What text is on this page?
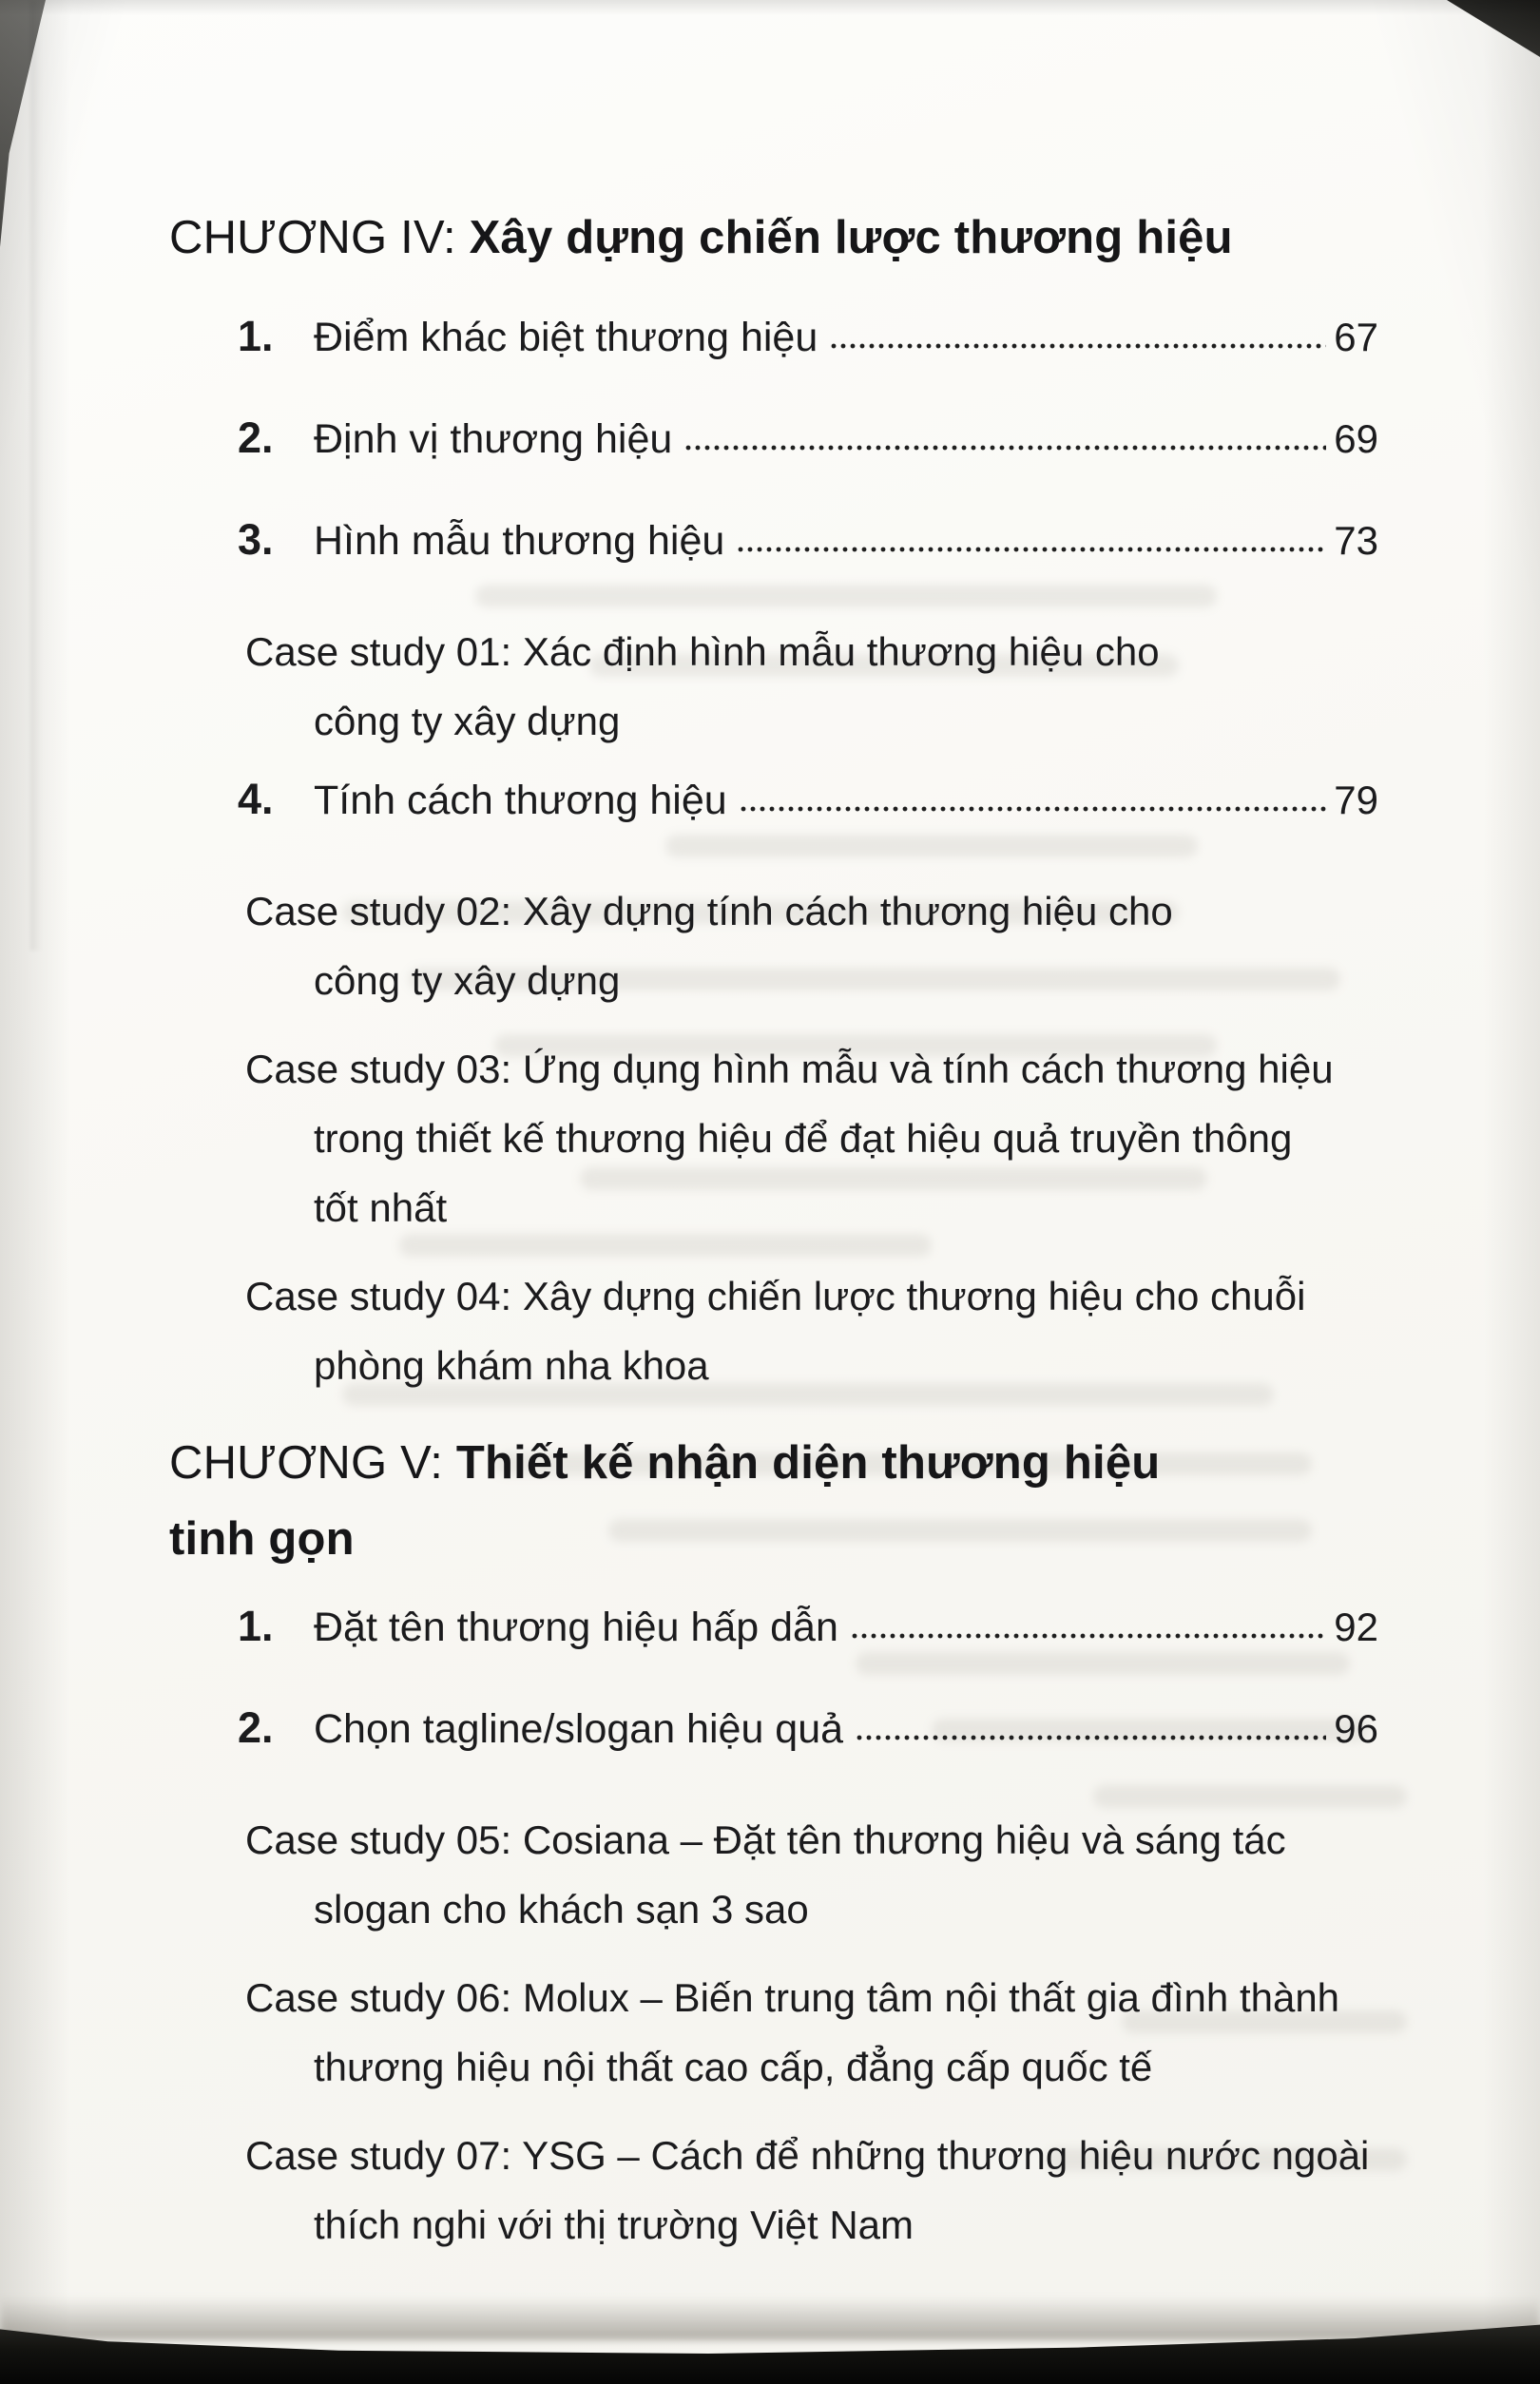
CHƯƠNG IV: Xây dựng chiến lược thương hiệu
1. Điểm khác biệt thương hiệu	67
2. Định vị thương hiệu	69
3. Hình mẫu thương hiệu	73
Case study 01: Xác định hình mẫu thương hiệu cho
công ty xây dựng
4. Tính cách thương hiệu	79
Case study 02: Xây dựng tính cách thương hiệu cho
công ty xây dựng
Case study 03: Ứng dụng hình mẫu và tính cách thương hiệu
trong thiết kế thương hiệu để đạt hiệu quả truyền thông
tốt nhất
Case study 04: Xây dựng chiến lược thương hiệu cho chuỗi
phòng khám nha khoa
CHƯƠNG V: Thiết kế nhận diện thương hiệu
tinh gọn
1. Đặt tên thương hiệu hấp dẫn	92
2. Chọn tagline/slogan hiệu quả	96
Case study 05: Cosiana – Đặt tên thương hiệu và sáng tác
slogan cho khách sạn 3 sao
Case study 06: Molux – Biến trung tâm nội thất gia đình thành
thương hiệu nội thất cao cấp, đẳng cấp quốc tế
Case study 07: YSG – Cách để những thương hiệu nước ngoài
thích nghi với thị trường Việt Nam
